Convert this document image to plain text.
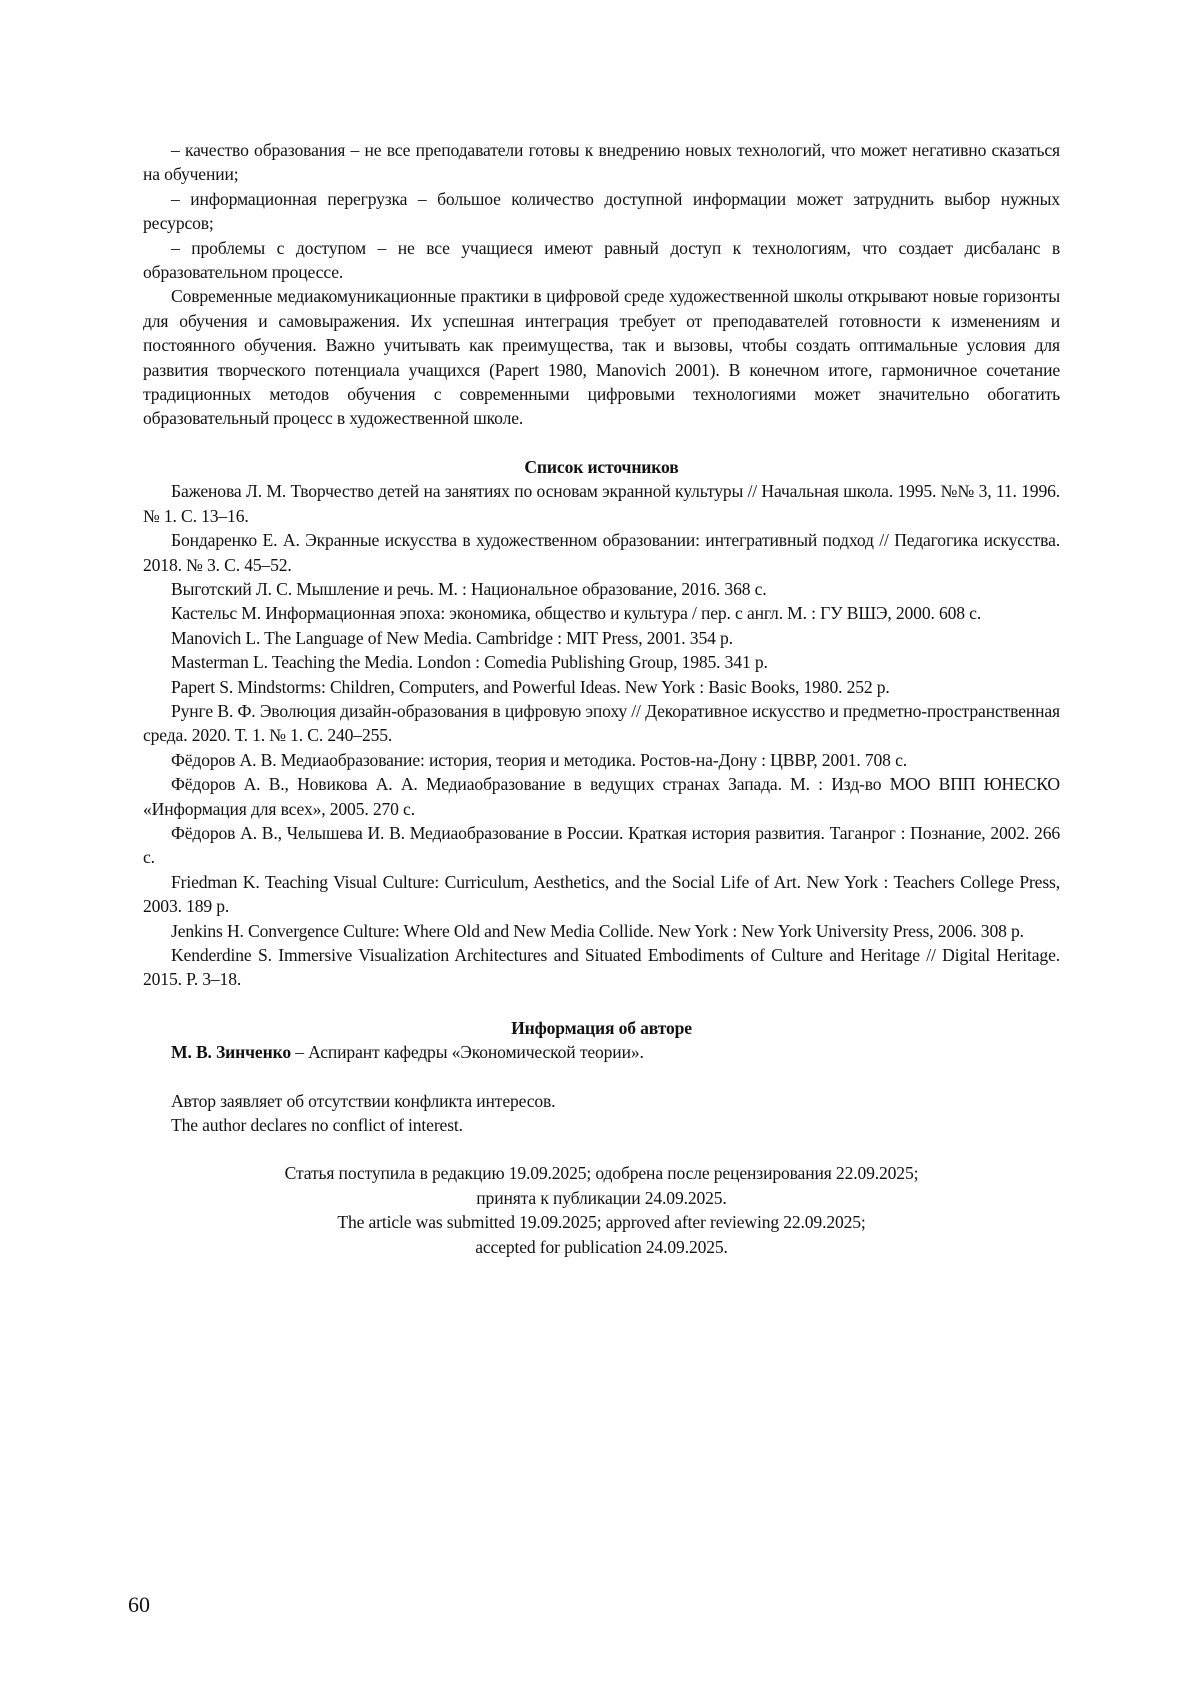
– качество образования – не все преподаватели готовы к внедрению новых технологий, что может негативно сказаться на обучении;

– информационная перегрузка – большое количество доступной информации может затруднить выбор нужных ресурсов;

– проблемы с доступом – не все учащиеся имеют равный доступ к технологиям, что создает дисбаланс в образовательном процессе.

Современные медиакомуникационные практики в цифровой среде художественной школы открывают новые горизонты для обучения и самовыражения. Их успешная интеграция требует от преподавателей готовности к изменениям и постоянного обучения. Важно учитывать как преимущества, так и вызовы, чтобы создать оптимальные условия для развития творческого потенциала учащихся (Papert 1980, Manovich 2001). В конечном итоге, гармоничное сочетание традиционных методов обучения с современными цифровыми технологиями может значительно обогатить образовательный процесс в художественной школе.

Список источников

Баженова Л. М. Творчество детей на занятиях по основам экранной культуры // Начальная школа. 1995. №№ 3, 11. 1996. № 1. С. 13–16.

Бондаренко Е. А. Экранные искусства в художественном образовании: интегративный подход // Педагогика искусства. 2018. № 3. С. 45–52.

Выготский Л. С. Мышление и речь. М. : Национальное образование, 2016. 368 с.

Кастельс М. Информационная эпоха: экономика, общество и культура / пер. с англ. М. : ГУ ВШЭ, 2000. 608 с.

Manovich L. The Language of New Media. Cambridge : MIT Press, 2001. 354 p.

Masterman L. Teaching the Media. London : Comedia Publishing Group, 1985. 341 p.

Papert S. Mindstorms: Children, Computers, and Powerful Ideas. New York : Basic Books, 1980. 252 p.

Рунге В. Ф. Эволюция дизайн-образования в цифровую эпоху // Декоративное искусство и предметно-пространственная среда. 2020. Т. 1. № 1. С. 240–255.

Фёдоров А. В. Медиаобразование: история, теория и методика. Ростов-на-Дону : ЦВВР, 2001. 708 с.

Фёдоров А. В., Новикова А. А. Медиаобразование в ведущих странах Запада. М. : Изд-во МОО ВПП ЮНЕСКО «Информация для всех», 2005. 270 с.

Фёдоров А. В., Челышева И. В. Медиаобразование в России. Краткая история развития. Таганрог : Познание, 2002. 266 с.

Friedman K. Teaching Visual Culture: Curriculum, Aesthetics, and the Social Life of Art. New York : Teachers College Press, 2003. 189 p.

Jenkins H. Convergence Culture: Where Old and New Media Collide. New York : New York University Press, 2006. 308 p.

Kenderdine S. Immersive Visualization Architectures and Situated Embodiments of Culture and Heritage // Digital Heritage. 2015. P. 3–18.

Информация об авторе

М. В. Зинченко – Аспирант кафедры «Экономической теории».

Автор заявляет об отсутствии конфликта интересов.

The author declares no conflict of interest.

Статья поступила в редакцию 19.09.2025; одобрена после рецензирования 22.09.2025;

принята к публикации 24.09.2025.

The article was submitted 19.09.2025; approved after reviewing 22.09.2025;

accepted for publication 24.09.2025.

60
